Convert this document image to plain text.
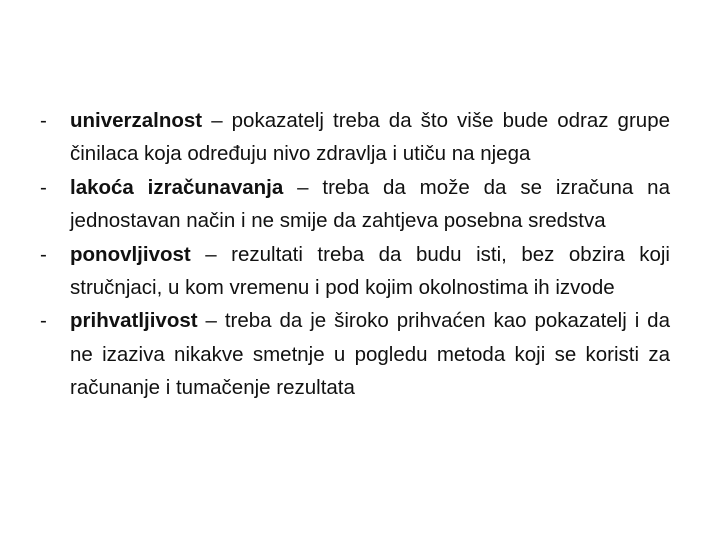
-	univerzalnost – pokazatelj treba da što više bude odraz grupe činilaca koja određuju nivo zdravlja i utiču na njega
-	lakoća izračunavanja – treba da može da se izračuna na jednostavan način i ne smije da zahtjeva posebna sredstva
-	ponovljivost – rezultati treba da budu isti, bez obzira koji stručnjaci, u kom vremenu i pod kojim okolnostima ih izvode
-	prihvatljivost – treba da je široko prihvaćen kao pokazatelj i da ne izaziva nikakve smetnje u pogledu metoda koji se koristi za računanje i tumačenje rezultata
